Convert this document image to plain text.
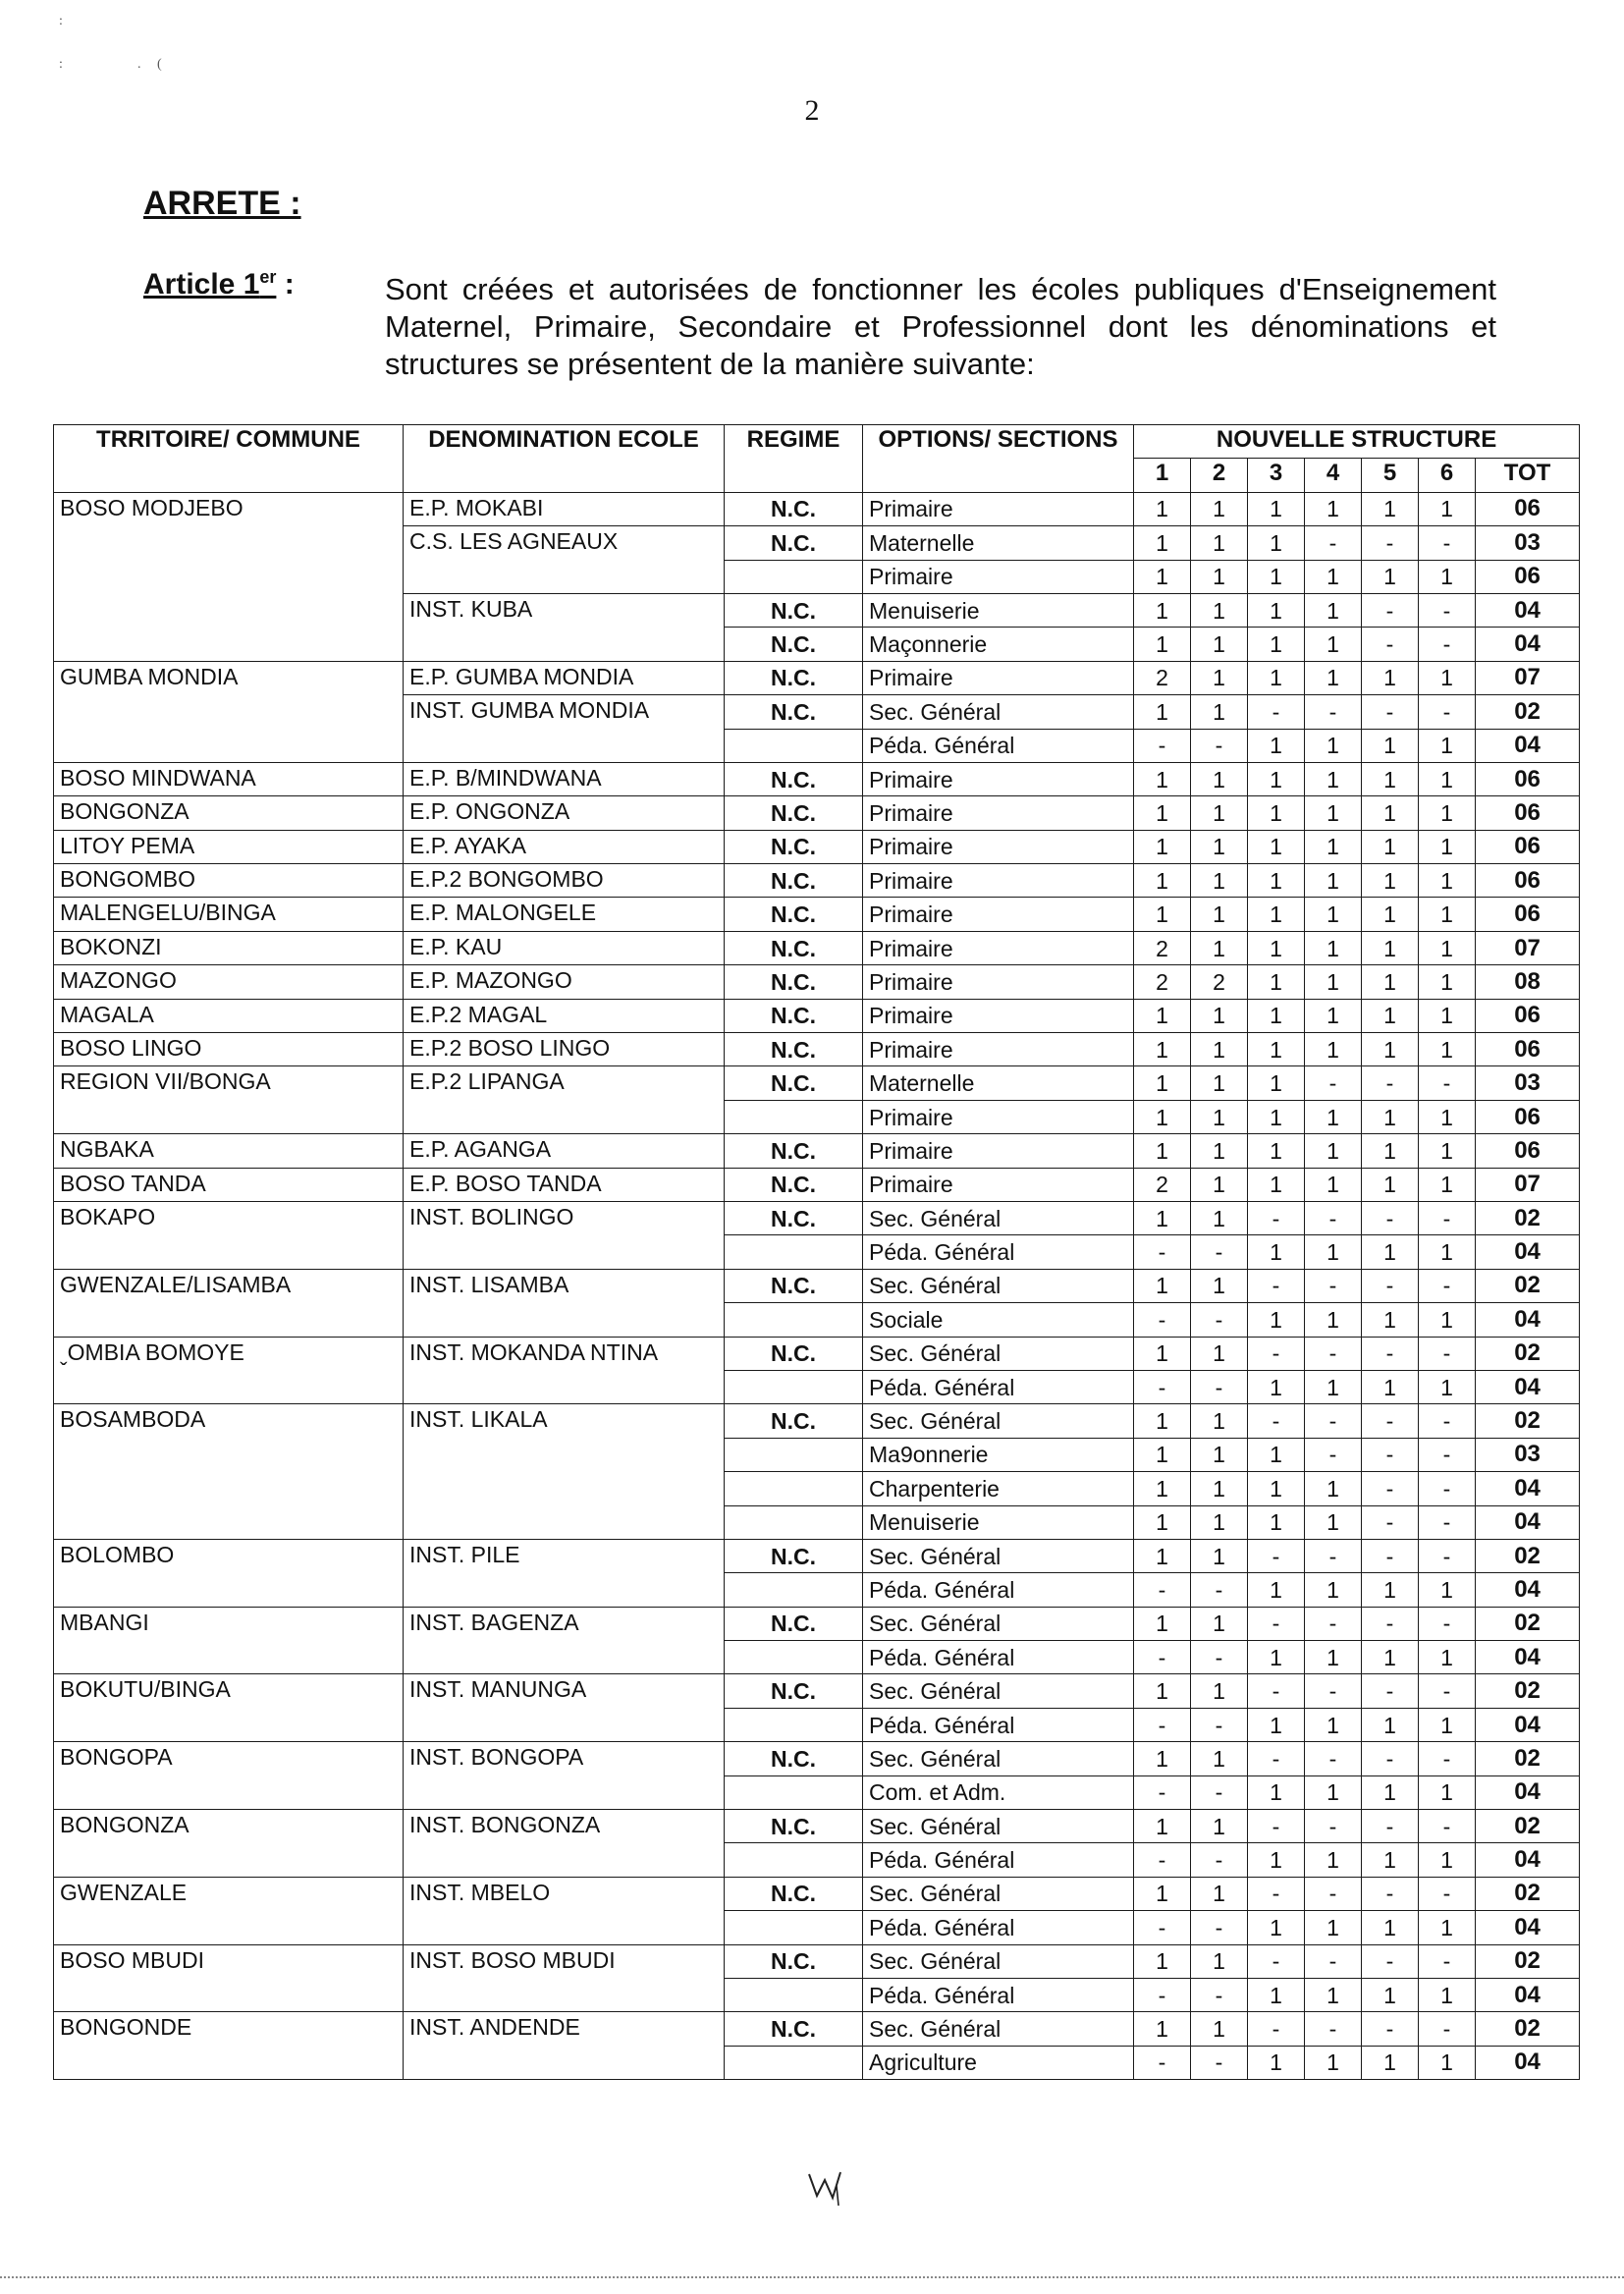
:
:	. (
2
ARRETE :
Article 1er :	Sont créées et autorisées de fonctionner les écoles publiques d'Enseignement Maternel, Primaire, Secondaire et Professionnel dont les dénominations et structures se présentent de la manière suivante:
TRRITOIRE/ COMMUNE	DENOMINATION ECOLE	REGIME	OPTIONS/ SECTIONS	NOUVELLE STRUCTURE						
				1	2	3	4	5	6	TOT
BOSO MODJEBO	E.P. MOKABI	N.C.	Primaire	1	1	1	1	1	1	06
	C.S. LES AGNEAUX	N.C.	Maternelle	1	1	1	-	-	-	03
			Primaire	1	1	1	1	1	1	06
	INST. KUBA	N.C.	Menuiserie	1	1	1	1	-	-	04
		N.C.	Maçonnerie	1	1	1	1	-	-	04
GUMBA MONDIA	E.P. GUMBA MONDIA	N.C.	Primaire	2	1	1	1	1	1	07
	INST. GUMBA MONDIA	N.C.	Sec. Général	1	1	-	-	-	-	02
			Péda. Général	-	-	1	1	1	1	04
BOSO MINDWANA	E.P. B/MINDWANA	N.C.	Primaire	1	1	1	1	1	1	06
BONGONZA	E.P. ONGONZA	N.C.	Primaire	1	1	1	1	1	1	06
LITOY PEMA	E.P. AYAKA	N.C.	Primaire	1	1	1	1	1	1	06
BONGOMBO	E.P.2 BONGOMBO	N.C.	Primaire	1	1	1	1	1	1	06
MALENGELU/BINGA	E.P. MALONGELE	N.C.	Primaire	1	1	1	1	1	1	06
BOKONZI	E.P. KAU	N.C.	Primaire	2	1	1	1	1	1	07
MAZONGO	E.P. MAZONGO	N.C.	Primaire	2	2	1	1	1	1	08
MAGALA	E.P.2 MAGAL	N.C.	Primaire	1	1	1	1	1	1	06
BOSO LINGO	E.P.2 BOSO LINGO	N.C.	Primaire	1	1	1	1	1	1	06
REGION VII/BONGA	E.P.2 LIPANGA	N.C.	Maternelle	1	1	1	-	-	-	03
			Primaire	1	1	1	1	1	1	06
NGBAKA	E.P. AGANGA	N.C.	Primaire	1	1	1	1	1	1	06
BOSO TANDA	E.P. BOSO TANDA	N.C.	Primaire	2	1	1	1	1	1	07
BOKAPO	INST. BOLINGO	N.C.	Sec. Général	1	1	-	-	-	-	02
			Péda. Général	-	-	1	1	1	1	04
GWENZALE/LISAMBA	INST. LISAMBA	N.C.	Sec. Général	1	1	-	-	-	-	02
			Sociale	-	-	1	1	1	1	04
ˬOMBIA BOMOYE	INST. MOKANDA NTINA	N.C.	Sec. Général	1	1	-	-	-	-	02
			Péda. Général	-	-	1	1	1	1	04
BOSAMBODA	INST. LIKALA	N.C.	Sec. Général	1	1	-	-	-	-	02
			Ma9onnerie	1	1	1	-	-	-	03
			Charpenterie	1	1	1	1	-	-	04
			Menuiserie	1	1	1	1	-	-	04
BOLOMBO	INST. PILE	N.C.	Sec. Général	1	1	-	-	-	-	02
			Péda. Général	-	-	1	1	1	1	04
MBANGI	INST. BAGENZA	N.C.	Sec. Général	1	1	-	-	-	-	02
			Péda. Général	-	-	1	1	1	1	04
BOKUTU/BINGA	INST. MANUNGA	N.C.	Sec. Général	1	1	-	-	-	-	02
			Péda. Général	-	-	1	1	1	1	04
BONGOPA	INST. BONGOPA	N.C.	Sec. Général	1	1	-	-	-	-	02
			Com. et Adm.	-	-	1	1	1	1	04
BONGONZA	INST. BONGONZA	N.C.	Sec. Général	1	1	-	-	-	-	02
			Péda. Général	-	-	1	1	1	1	04
GWENZALE	INST. MBELO	N.C.	Sec. Général	1	1	-	-	-	-	02
			Péda. Général	-	-	1	1	1	1	04
BOSO MBUDI	INST. BOSO MBUDI	N.C.	Sec. Général	1	1	-	-	-	-	02
			Péda. Général	-	-	1	1	1	1	04
BONGONDE	INST. ANDENDE	N.C.	Sec. Général	1	1	-	-	-	-	02
			Agriculture	-	-	1	1	1	1	04
